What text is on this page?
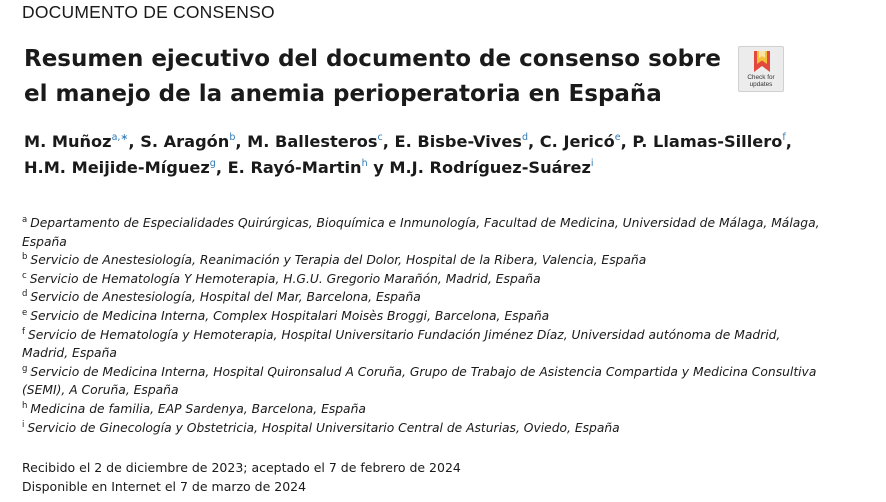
DOCUMENTO DE CONSENSO
Resumen ejecutivo del documento de consenso sobre
el manejo de la anemia perioperatoria en España
Check for
updates
M. Muñoz$^{a,∗}$, S. Aragón$^b$, M. Ballesteros$^c$, E. Bisbe-Vives$^d$, C. Jericó$^e$, P. Llamas-Sillero$^f$,
H.M. Meijide-Míguez$^g$, E. Rayó-Martin$^h$ y M.J. Rodríguez-Suárez$^i$
$^a$ Departamento de Especialidades Quirúrgicas, Bioquímica e Inmunología, Facultad de Medicina, Universidad de Málaga, Málaga,
España
$^b$ Servicio de Anestesiología, Reanimación y Terapia del Dolor, Hospital de la Ribera, Valencia, España
$^c$ Servicio de Hematología Y Hemoterapia, H.G.U. Gregorio Marañón, Madrid, España
$^d$ Servicio de Anestesiología, Hospital del Mar, Barcelona, España
$^e$ Servicio de Medicina Interna, Complex Hospitalari Moisès Broggi, Barcelona, España
$^f$ Servicio de Hematología y Hemoterapia, Hospital Universitario Fundación Jiménez Díaz, Universidad autónoma de Madrid,
Madrid, España
$^g$ Servicio de Medicina Interna, Hospital Quironsalud A Coruña, Grupo de Trabajo de Asistencia Compartida y Medicina Consultiva
(SEMI), A Coruña, España
$^h$ Medicina de familia, EAP Sardenya, Barcelona, España
$^i$ Servicio de Ginecología y Obstetricia, Hospital Universitario Central de Asturias, Oviedo, España
Recibido el 2 de diciembre de 2023; aceptado el 7 de febrero de 2024
Disponible en Internet el 7 de marzo de 2024
